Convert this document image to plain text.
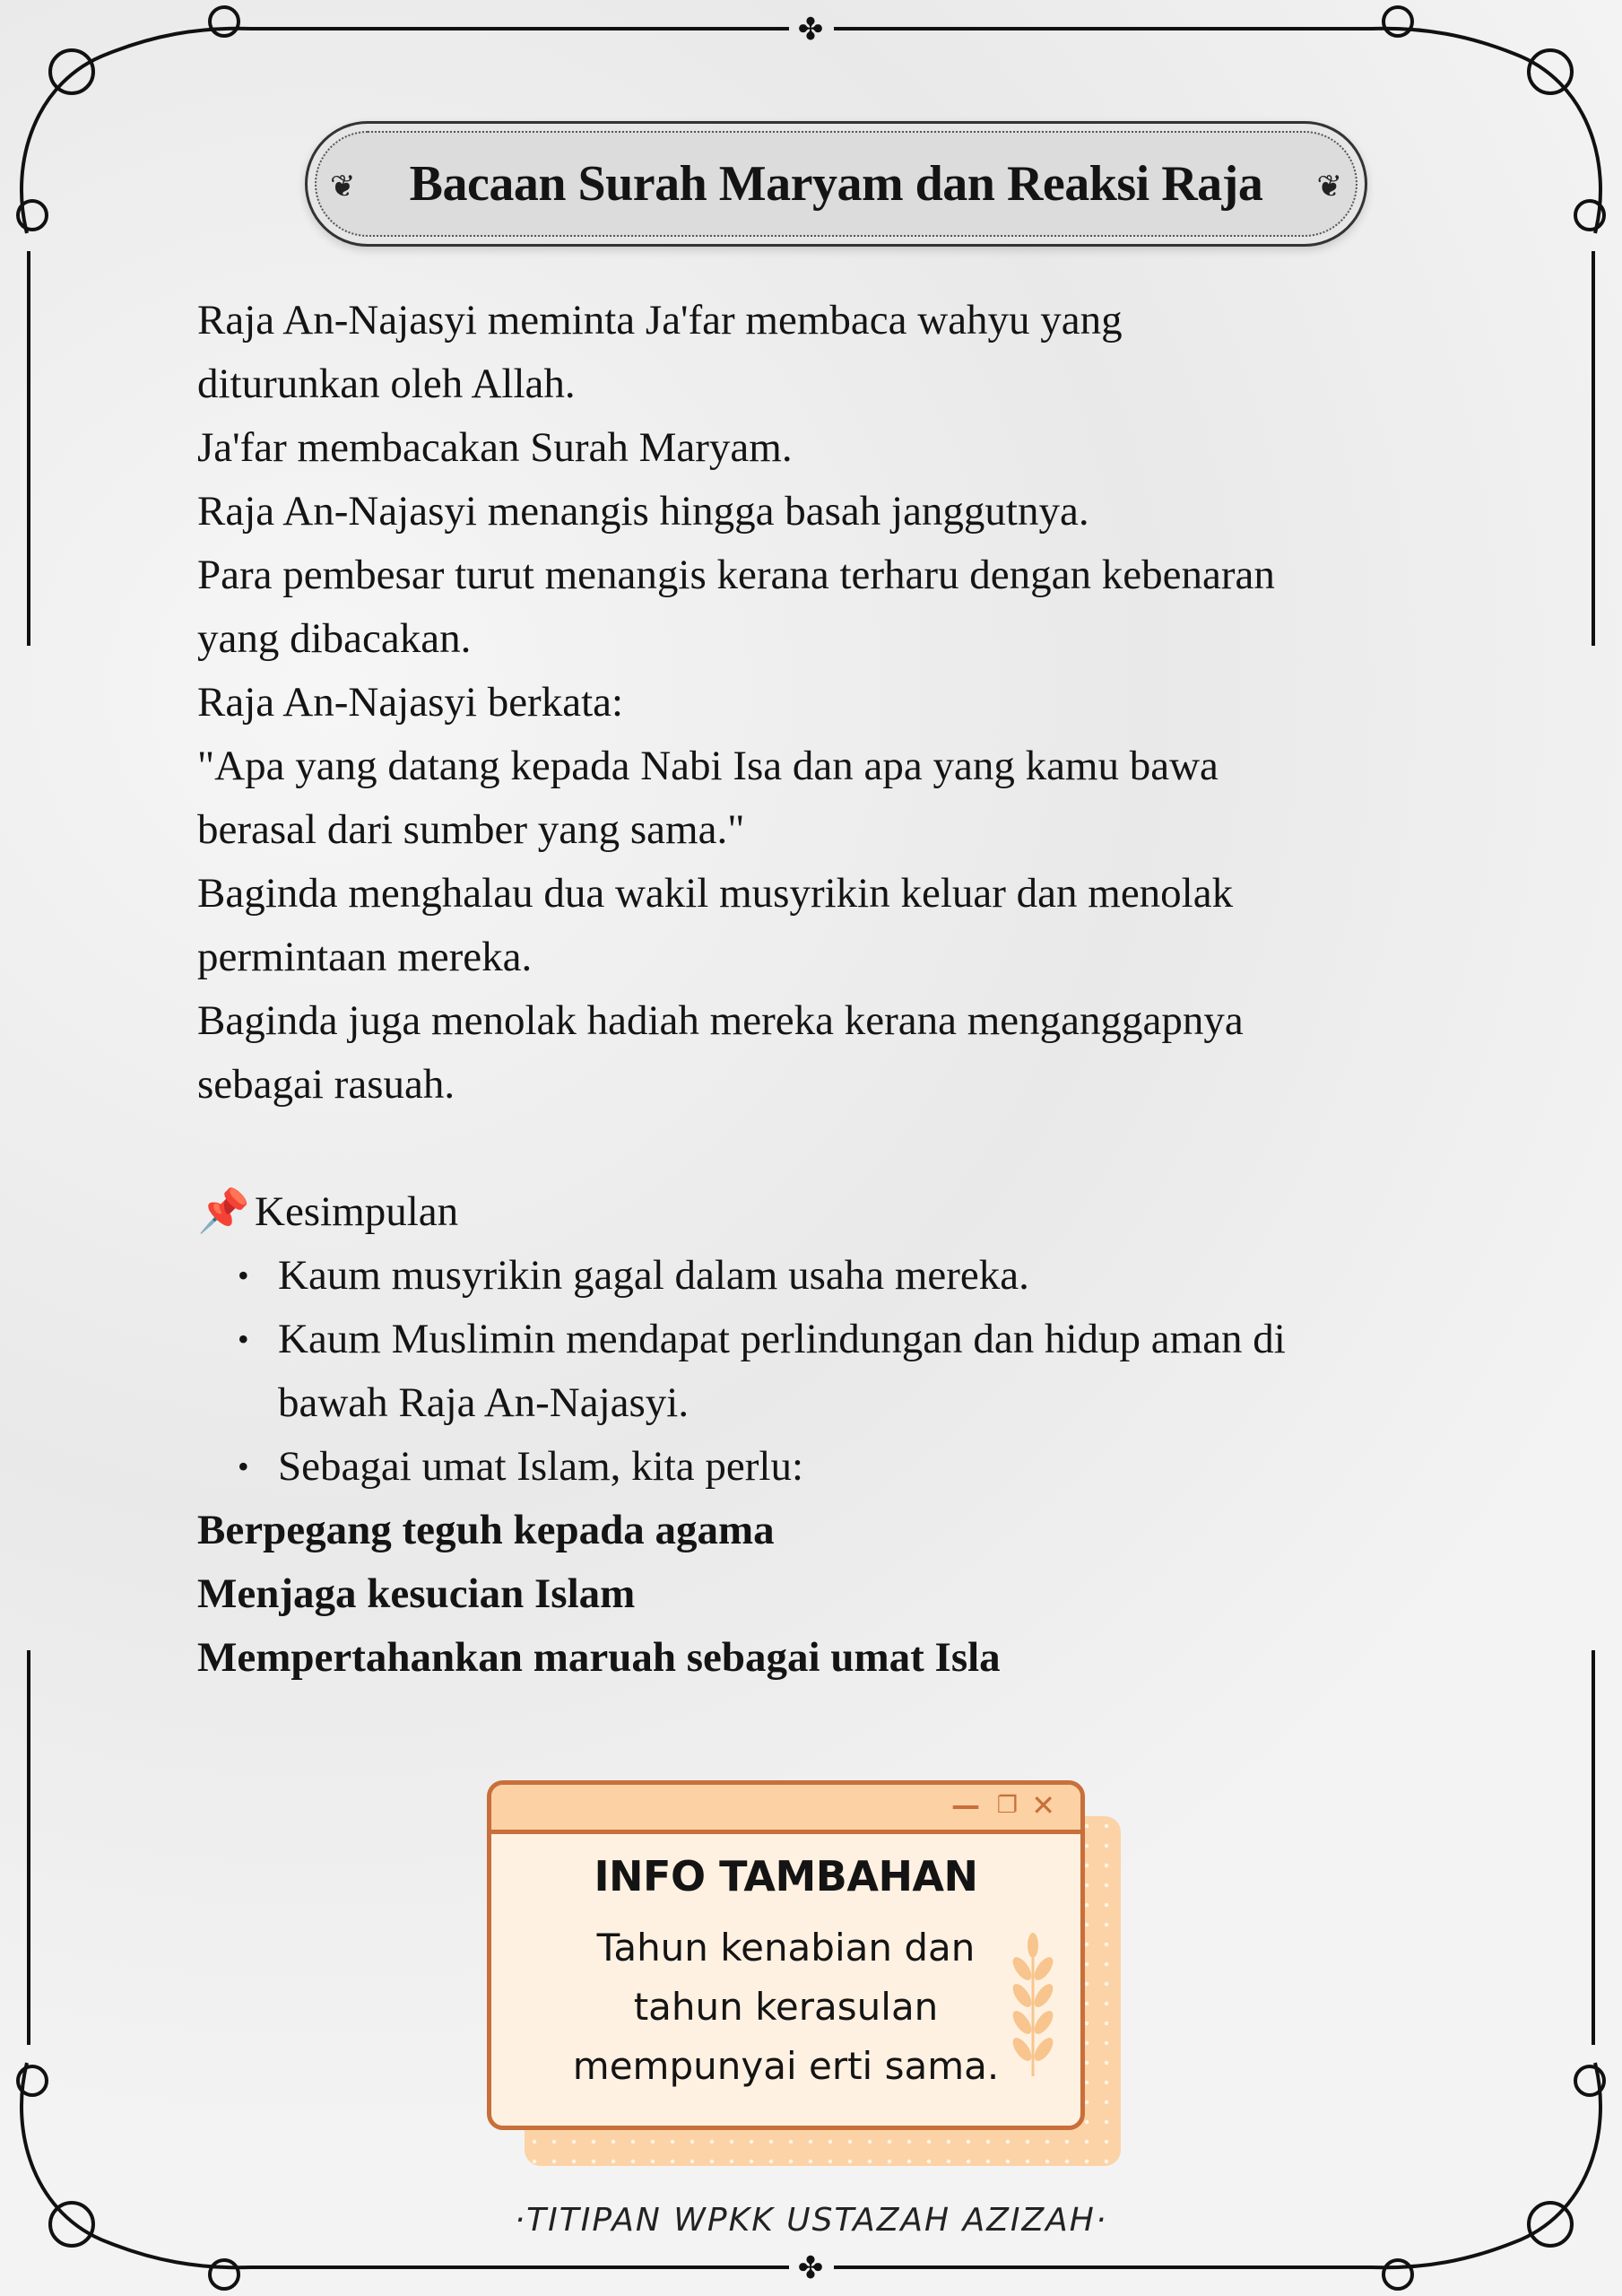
✤
✤
❦ Bacaan Surah Maryam dan Reaksi Raja ❦
Raja An-Najasyi meminta Ja'far membaca wahyu yang
diturunkan oleh Allah.
Ja'far membacakan Surah Maryam.
Raja An-Najasyi menangis hingga basah janggutnya.
Para pembesar turut menangis kerana terharu dengan kebenaran
yang dibacakan.
Raja An-Najasyi berkata:
"Apa yang datang kepada Nabi Isa dan apa yang kamu bawa
berasal dari sumber yang sama."
Baginda menghalau dua wakil musyrikin keluar dan menolak
permintaan mereka.
Baginda juga menolak hadiah mereka kerana menganggapnya
sebagai rasuah.
📌 Kesimpulan
• Kaum musyrikin gagal dalam usaha mereka.
• Kaum Muslimin mendapat perlindungan dan hidup aman di
bawah Raja An-Najasyi.
• Sebagai umat Islam, kita perlu:
Berpegang teguh kepada agama
Menjaga kesucian Islam
Mempertahankan maruah sebagai umat Isla
— ❐ ✕
INFO TAMBAHAN
Tahun kenabian dan
tahun kerasulan
mempunyai erti sama.
·TITIPAN WPKK USTAZAH AZIZAH·
